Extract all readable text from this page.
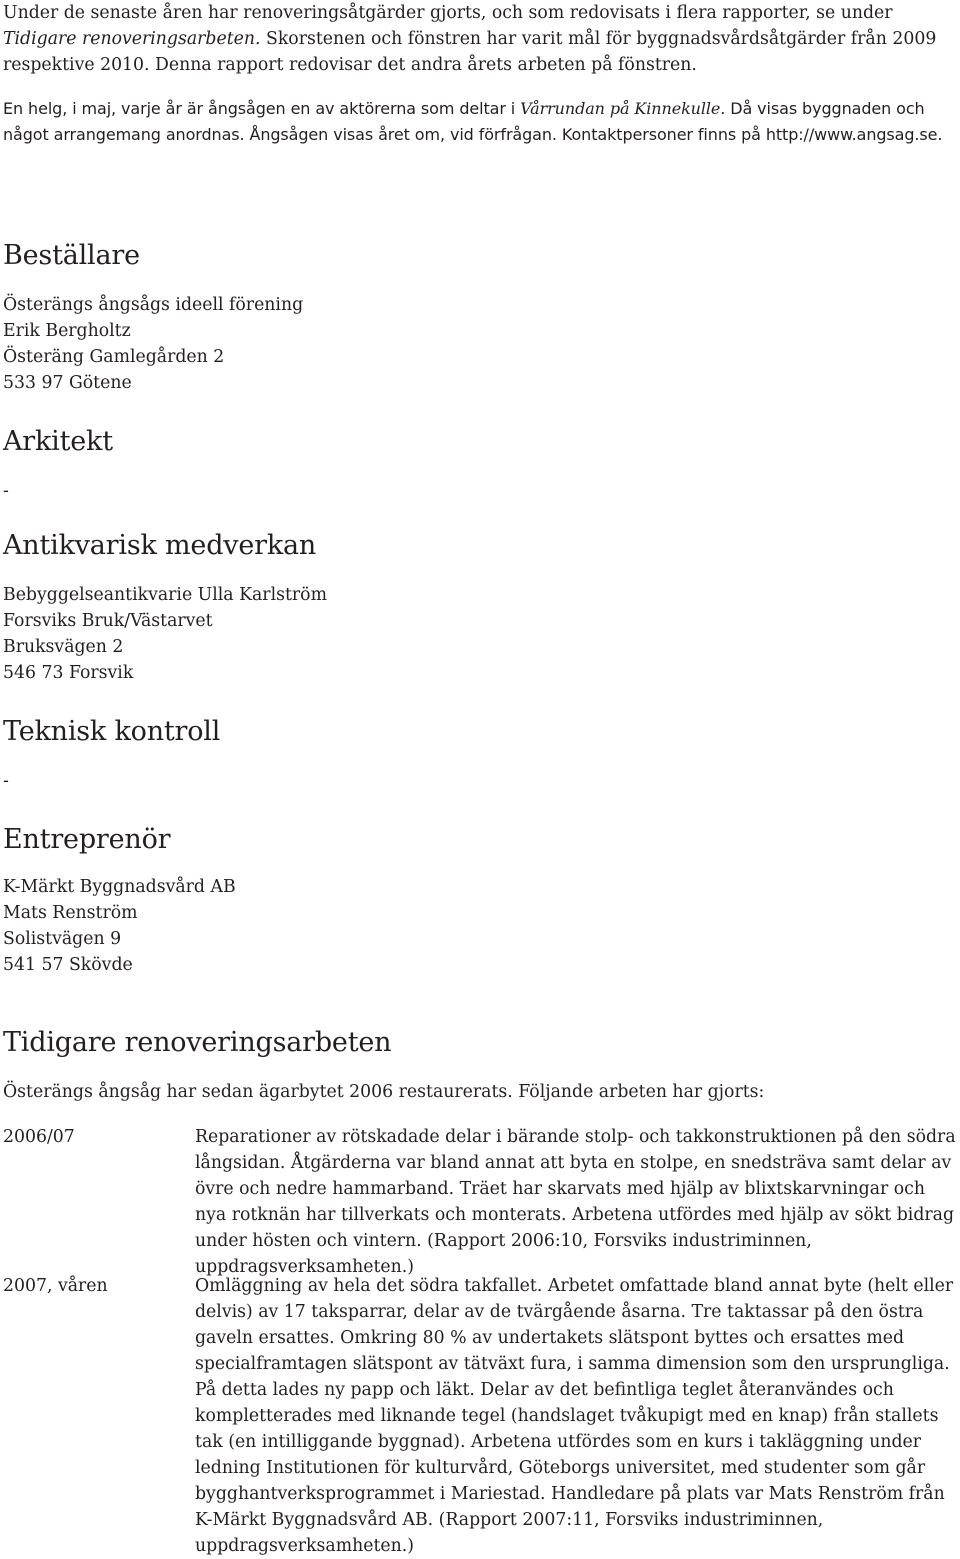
Under de senaste åren har renoveringsåtgärder gjorts, och som redovisats i flera rapporter, se under Tidigare renoveringsarbeten. Skorstenen och fönstren har varit mål för byggnadsvårdsåtgärder från 2009 respektive 2010. Denna rapport redovisar det andra årets arbeten på fönstren.

En helg, i maj, varje år är ångsågen en av aktörerna som deltar i Vårrundan på Kinnekulle. Då visas byggnaden och något arrangemang anordnas. Ångsågen visas året om, vid förfrågan. Kontaktpersoner finns på http://www.angsag.se.

Beställare
Österängs ångsågs ideell förening
Erik Bergholtz
Österäng Gamlegården 2
533 97 Götene
Arkitekt
-
Antikvarisk medverkan
Bebyggelseantikvarie Ulla Karlström
Forsviks Bruk/Västarvet
Bruksvägen 2
546 73 Forsvik
Teknisk kontroll
-
Entreprenör
K-Märkt Byggnadsvård AB
Mats Renström
Solistvägen 9
541 57 Skövde
Tidigare renoveringsarbeten
Österängs ångsåg har sedan ägarbytet 2006 restaurerats. Följande arbeten har gjorts:
2006/07	Reparationer av rötskadade delar i bärande stolp- och takkonstruktionen på den södra långsidan. Åtgärderna var bland annat att byta en stolpe, en snedsträva samt delar av övre och nedre hammarband. Träet har skarvats med hjälp av blixtskarvningar och nya rotknän har tillverkats och monterats. Arbetena utfördes med hjälp av sökt bidrag under hösten och vintern. (Rapport 2006:10, Forsviks industriminnen, uppdragsverksamheten.)
2007, våren	Omläggning av hela det södra takfallet. Arbetet omfattade bland annat byte (helt eller delvis) av 17 taksparrar, delar av de tvärgående åsarna. Tre taktassar på den östra gaveln ersattes. Omkring 80 % av undertakets slätspont byttes och ersattes med specialframtagen slätspont av tätväxt fura, i samma dimension som den ursprungliga. På detta lades ny papp och läkt. Delar av det befintliga teglet återanvändes och kompletterades med liknande tegel (handslaget tvåkupigt med en knap) från stallets tak (en intilliggande byggnad). Arbetena utfördes som en kurs i takläggning under ledning Institutionen för kulturvård, Göteborgs universitet, med studenter som går bygghantverksprogrammet i Mariestad. Handledare på plats var Mats Renström från K-Märkt Byggnadsvård AB. (Rapport 2007:11, Forsviks industriminnen, uppdragsverksamheten.)
